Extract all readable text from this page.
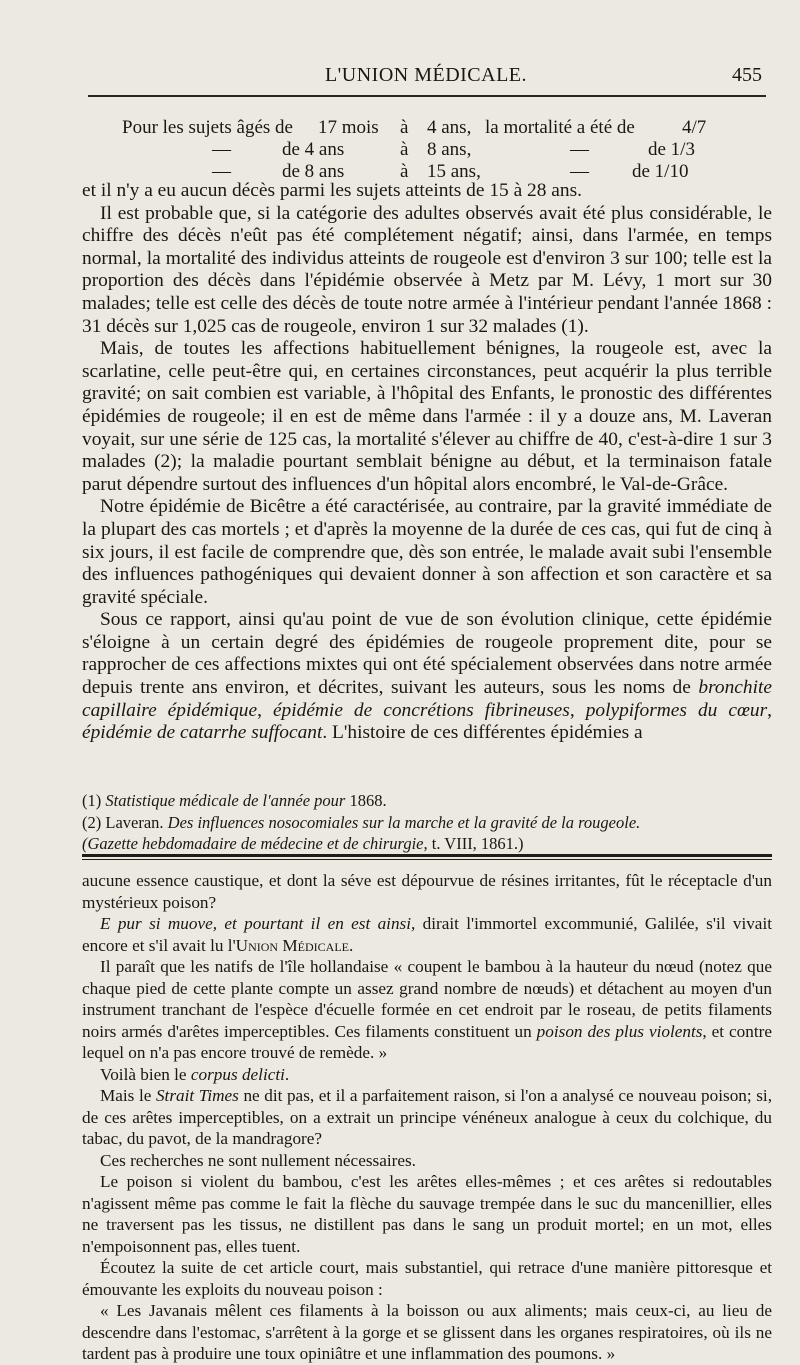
L'UNION MÉDICALE.	455
Pour les sujets âgés de 17 mois à 4 ans, la mortalité a été de 4/7
—	de 4 ans	à 8 ans,	—	de 1/3
—	de 8 ans	à 15 ans,	— de 1/10

et il n'y a eu aucun décès parmi les sujets atteints de 15 à 28 ans.

Il est probable que, si la catégorie des adultes observés avait été plus considérable, le chiffre des décès n'eût pas été complétement négatif; ainsi, dans l'armée, en temps normal, la mortalité des individus atteints de rougeole est d'environ 3 sur 100; telle est la proportion des décès dans l'épidémie observée à Metz par M. Lévy, 1 mort sur 30 malades; telle est celle des décès de toute notre armée à l'intérieur pendant l'année 1868 : 31 décès sur 1,025 cas de rougeole, environ 1 sur 32 malades (1).

Mais, de toutes les affections habituellement bénignes, la rougeole est, avec la scarlatine, celle peut-être qui, en certaines circonstances, peut acquérir la plus terrible gravité; on sait combien est variable, à l'hôpital des Enfants, le pronostic des différentes épidémies de rougeole; il en est de même dans l'armée : il y a douze ans, M. Laveran voyait, sur une série de 125 cas, la mortalité s'élever au chiffre de 40, c'est-à-dire 1 sur 3 malades (2); la maladie pourtant semblait bénigne au début, et la terminaison fatale parut dépendre surtout des influences d'un hôpital alors encombré, le Val-de-Grâce.

Notre épidémie de Bicêtre a été caractérisée, au contraire, par la gravité immédiate de la plupart des cas mortels ; et d'après la moyenne de la durée de ces cas, qui fut de cinq à six jours, il est facile de comprendre que, dès son entrée, le malade avait subi l'ensemble des influences pathogéniques qui devaient donner à son affection et son caractère et sa gravité spéciale.

Sous ce rapport, ainsi qu'au point de vue de son évolution clinique, cette épidémie s'éloigne à un certain degré des épidémies de rougeole proprement dite, pour se rapprocher de ces affections mixtes qui ont été spécialement observées dans notre armée depuis trente ans environ, et décrites, suivant les auteurs, sous les noms de bronchite capillaire épidémique, épidémie de concrétions fibrineuses, polypiformes du cœur, épidémie de catarrhe suffocant. L'histoire de ces différentes épidémies a

(1) Statistique médicale de l'année pour 1868.

(2) Laveran. Des influences nosocomiales sur la marche et la gravité de la rougeole.
(Gazette hebdomadaire de médecine et de chirurgie, t. VIII, 1861.)

aucune essence caustique, et dont la séve est dépourvue de résines irritantes, fût le réceptacle d'un mystérieux poison?

E pur si muove, et pourtant il en est ainsi, dirait l'immortel excommunié, Galilée, s'il vivait encore et s'il avait lu l'Union Médicale.

Il paraît que les natifs de l'île hollandaise « coupent le bambou à la hauteur du nœud (notez que chaque pied de cette plante compte un assez grand nombre de nœuds) et détachent au moyen d'un instrument tranchant de l'espèce d'écuelle formée en cet endroit par le roseau, de petits filaments noirs armés d'arêtes imperceptibles. Ces filaments constituent un poison des plus violents, et contre lequel on n'a pas encore trouvé de remède. »

Voilà bien le corpus delicti.

Mais le Strait Times ne dit pas, et il a parfaitement raison, si l'on a analysé ce nouveau poison; si, de ces arêtes imperceptibles, on a extrait un principe vénéneux analogue à ceux du colchique, du tabac, du pavot, de la mandragore?

Ces recherches ne sont nullement nécessaires.

Le poison si violent du bambou, c'est les arêtes elles-mêmes ; et ces arêtes si redoutables n'agissent même pas comme le fait la flèche du sauvage trempée dans le suc du mancenillier, elles ne traversent pas les tissus, ne distillent pas dans le sang un produit mortel; en un mot, elles n'empoisonnent pas, elles tuent.

Écoutez la suite de cet article court, mais substantiel, qui retrace d'une manière pittoresque et émouvante les exploits du nouveau poison :

« Les Javanais mêlent ces filaments à la boisson ou aux aliments; mais ceux-ci, au lieu de descendre dans l'estomac, s'arrêtent à la gorge et se glissent dans les organes respiratoires, où ils ne tardent pas à produire une toux opiniâtre et une inflammation des poumons. »
